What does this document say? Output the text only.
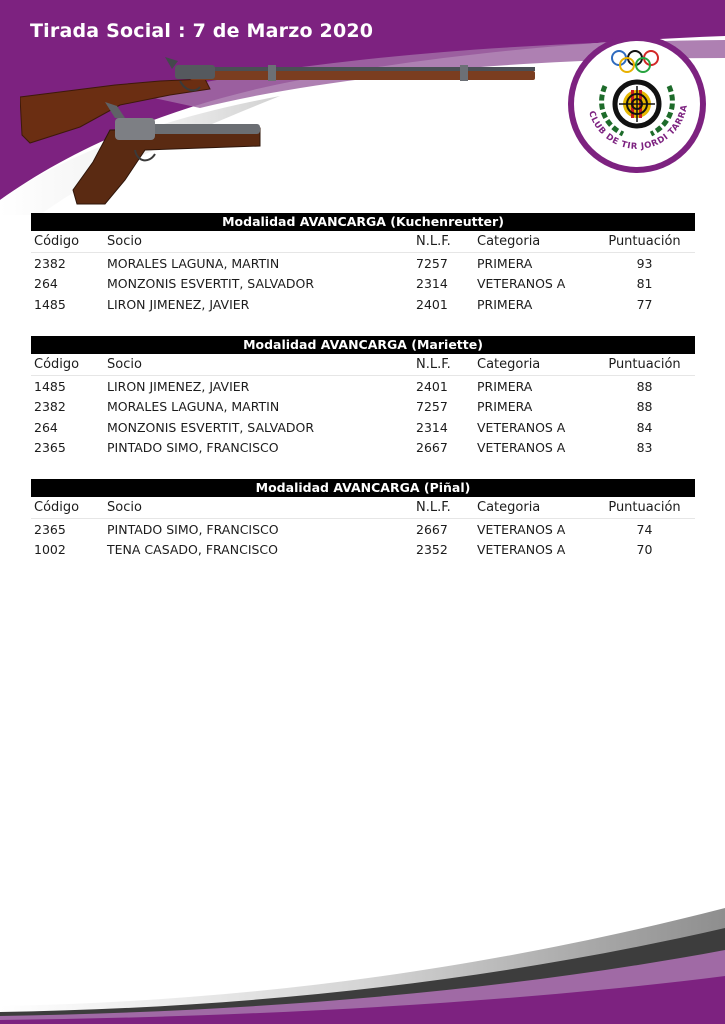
Tirada Social : 7 de Marzo 2020
CLUB DE TIR JORDI TARRA
Modalidad AVANCARGA (Kuchenreutter)				
Código	Socio	N.L.F.	Categoria	Puntuación
2382	MORALES LAGUNA, MARTIN	7257	PRIMERA	93
264	MONZONIS ESVERTIT, SALVADOR	2314	VETERANOS A	81
1485	LIRON JIMENEZ, JAVIER	2401	PRIMERA	77
Modalidad AVANCARGA (Mariette)				
Código	Socio	N.L.F.	Categoria	Puntuación
1485	LIRON JIMENEZ, JAVIER	2401	PRIMERA	88
2382	MORALES LAGUNA, MARTIN	7257	PRIMERA	88
264	MONZONIS ESVERTIT, SALVADOR	2314	VETERANOS A	84
2365	PINTADO SIMO, FRANCISCO	2667	VETERANOS A	83
Modalidad AVANCARGA (Piñal)				
Código	Socio	N.L.F.	Categoria	Puntuación
2365	PINTADO SIMO, FRANCISCO	2667	VETERANOS A	74
1002	TENA CASADO, FRANCISCO	2352	VETERANOS A	70
